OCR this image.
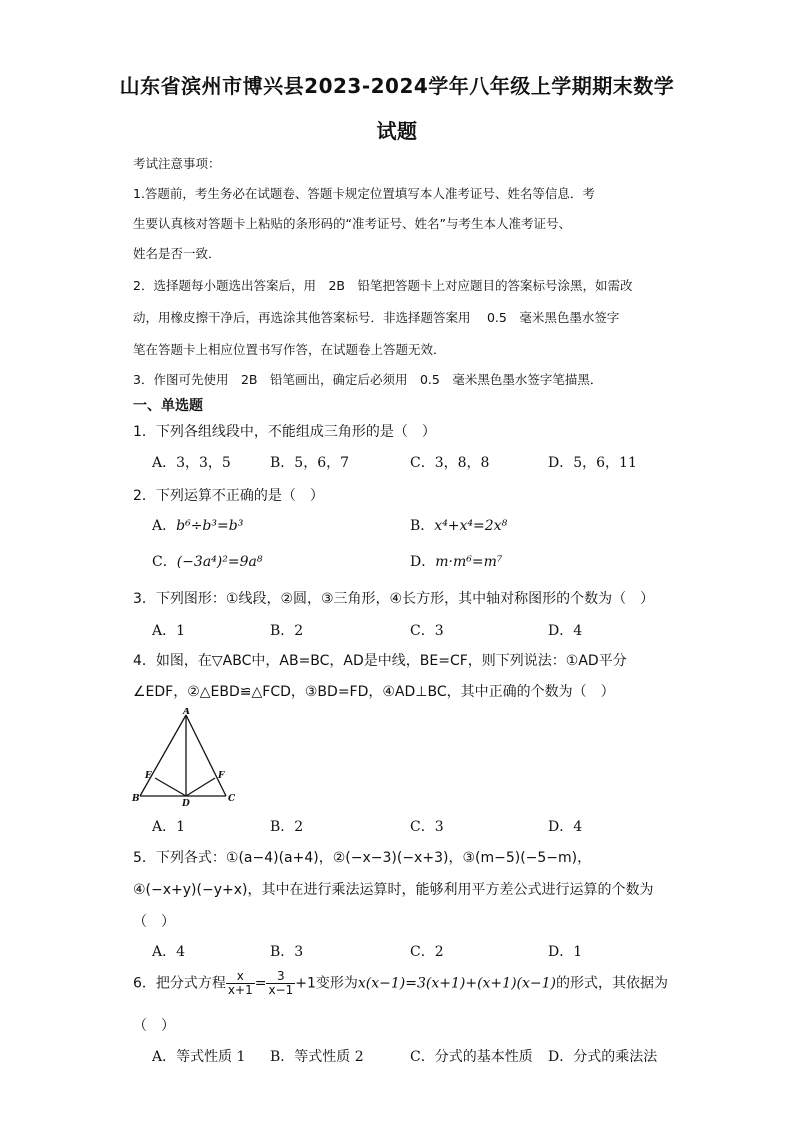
山东省滨州市博兴县2023-2024学年八年级上学期期末数学
试题
考试注意事项：
1.答题前，考生务必在试题卷、答题卡规定位置填写本人准考证号、姓名等信息．考
生要认真核对答题卡上粘贴的条形码的“准考证号、姓名”与考生本人准考证号、
姓名是否一致．
2．选择题每小题选出答案后，用　2B　铅笔把答题卡上对应题目的答案标号涂黑，如需改
动，用橡皮擦干净后，再选涂其他答案标号．非选择题答案用　 0.5　毫米黑色墨水签字
笔在答题卡上相应位置书写作答，在试题卷上答题无效．
3．作图可先使用　2B　铅笔画出，确定后必须用　0.5　毫米黑色墨水签字笔描黑．
一、单选题
1．下列各组线段中，不能组成三角形的是（　）
A．3，3，5	B．5，6，7	C．3，8，8	D．5，6，11
2．下列运算不正确的是（　）
A．b⁶÷b³=b³	B．x⁴+x⁴=2x⁸
C．(−3a⁴)²=9a⁸	D．m·m⁶=m⁷
3．下列图形：①线段，②圆，③三角形，④长方形，其中轴对称图形的个数为（　）
A．1	B．2	C．3	D．4
4．如图，在▽ABC中，AB=BC，AD是中线，BE=CF，则下列说法：①AD平分
∠EDF，②△EBD≌△FCD，③BD=FD，④AD⊥BC，其中正确的个数为（　）
A
B	C
D
E	F
A．1	B．2	C．3	D．4
5．下列各式：①(a−4)(a+4)，②(−x−3)(−x+3)，③(m−5)(−5−m)，
④(−x+y)(−y+x)，其中在进行乘法运算时，能够利用平方差公式进行运算的个数为
（　）
A．4	B．3	C．2	D．1
6．把分式方程 $\frac{x}{x+1} = \frac{3}{x-1} +1$变形为x(x−1)=3(x+1)+(x+1)(x−1)的形式，其依据为
（　）
A．等式性质 1 B．等式性质 2	C．分式的基本性质 D．分式的乘法法
